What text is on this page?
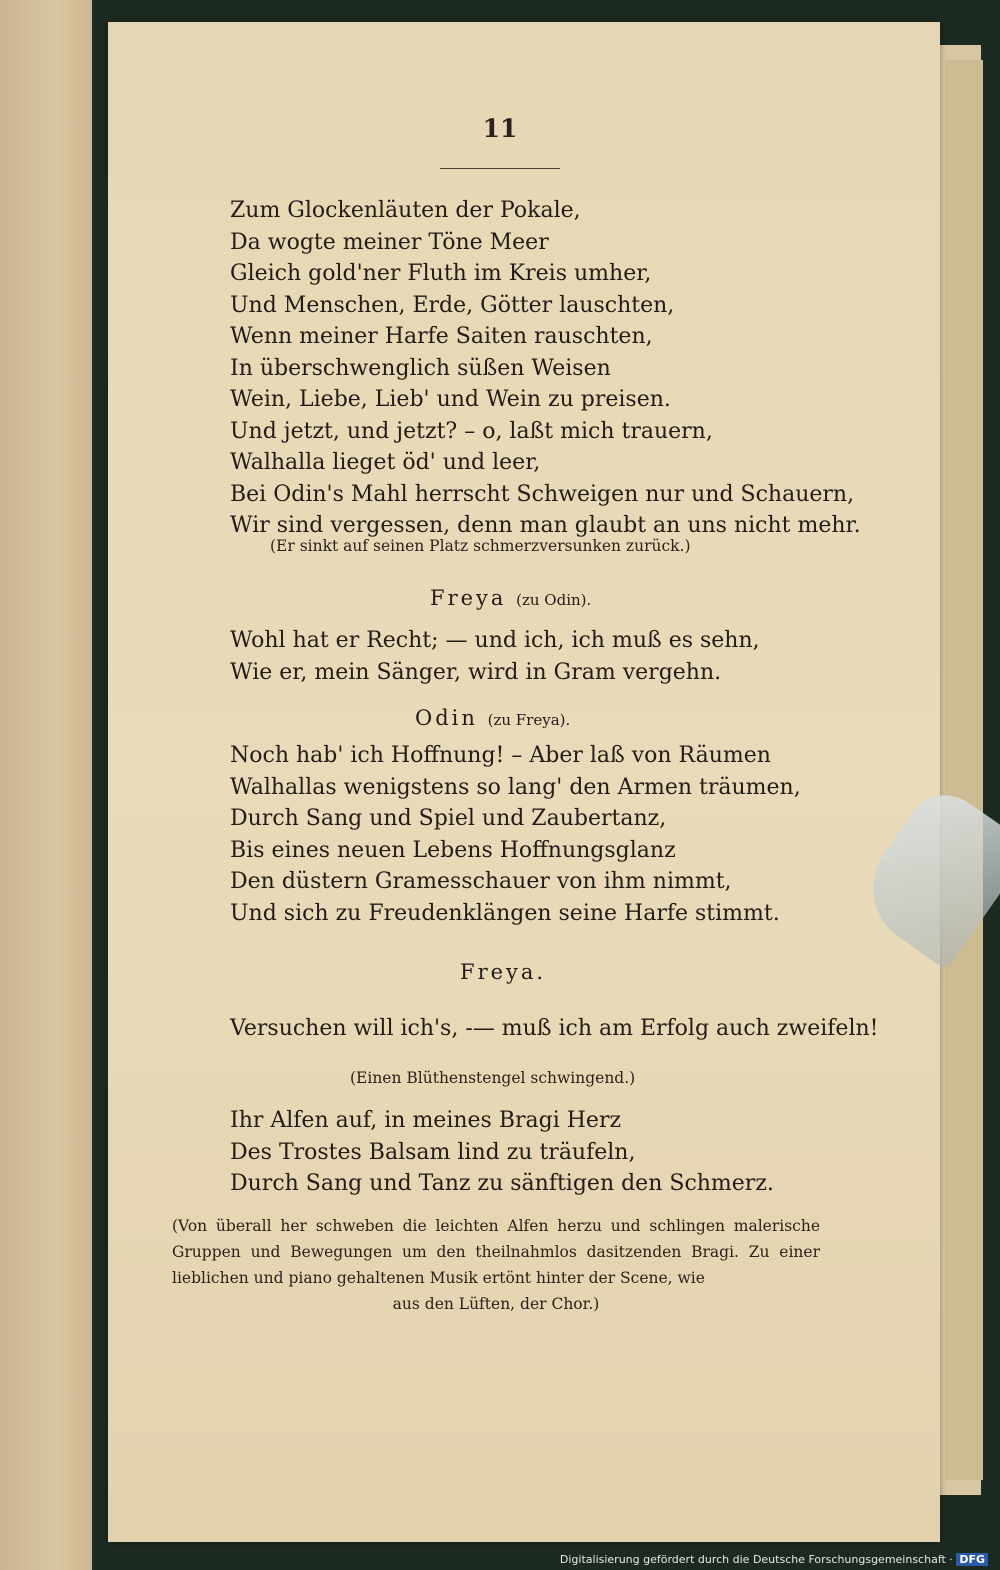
11
Zum Glockenläuten der Pokale,
Da wogte meiner Töne Meer
Gleich gold'ner Fluth im Kreis umher,
Und Menschen, Erde, Götter lauschten,
Wenn meiner Harfe Saiten rauschten,
In überschwenglich süßen Weisen
Wein, Liebe, Lieb' und Wein zu preisen.
Und jetzt, und jetzt? – o, laßt mich trauern,
Walhalla lieget öd' und leer,
Bei Odin's Mahl herrscht Schweigen nur und Schauern,
Wir sind vergessen, denn man glaubt an uns nicht mehr.
(Er sinkt auf seinen Platz schmerzversunken zurück.)
Freya (zu Odin).
Wohl hat er Recht; — und ich, ich muß es sehn,
Wie er, mein Sänger, wird in Gram vergehn.
Odin (zu Freya).
Noch hab' ich Hoffnung! – Aber laß von Räumen
Walhallas wenigstens so lang' den Armen träumen,
Durch Sang und Spiel und Zaubertanz,
Bis eines neuen Lebens Hoffnungsglanz
Den düstern Gramesschauer von ihm nimmt,
Und sich zu Freudenklängen seine Harfe stimmt.
Freya.
Versuchen will ich's, -— muß ich am Erfolg auch zweifeln!
(Einen Blüthenstengel schwingend.)
Ihr Alfen auf, in meines Bragi Herz
Des Trostes Balsam lind zu träufeln,
Durch Sang und Tanz zu sänftigen den Schmerz.
(Von überall her schweben die leichten Alfen herzu und schlingen malerische Gruppen und Bewegungen um den theilnahmlos dasitzenden Bragi. Zu einer lieblichen und piano gehaltenen Musik ertönt hinter der Scene, wie
aus den Lüften, der Chor.)
Digitalisierung gefördert durch die Deutsche Forschungsgemeinschaft · DFG
